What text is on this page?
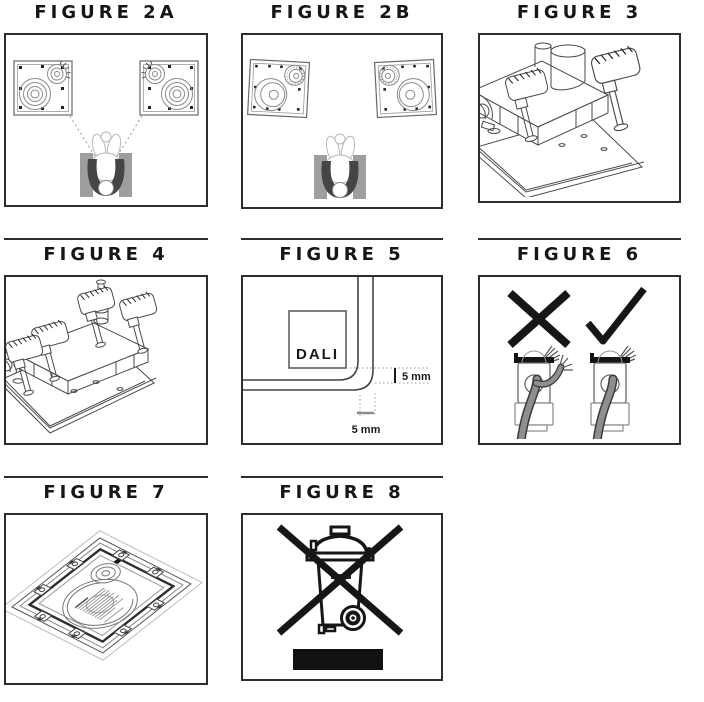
FIGURE 2A	FIGURE 2B	FIGURE 3
FIGURE 4	FIGURE 5
DALI
5 mm
5 mm
FIGURE 6
FIGURE 7	FIGURE 8
